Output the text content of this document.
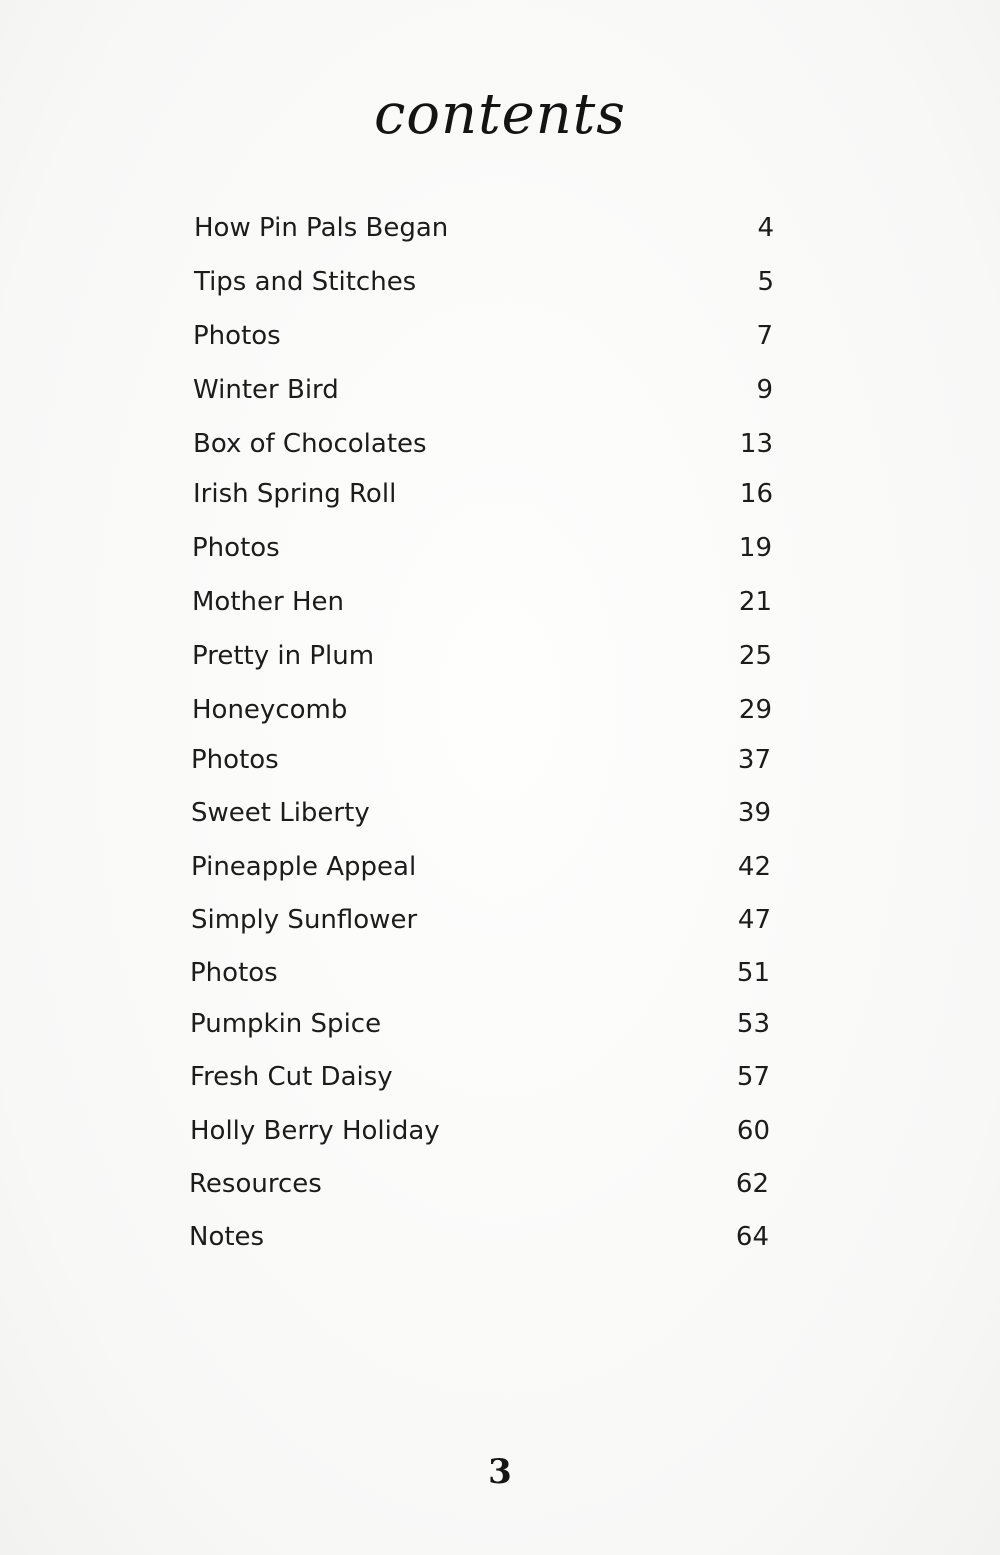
contents
How Pin Pals Began	4
Tips and Stitches	5
Photos	7
Winter Bird	9
Box of Chocolates	13
Irish Spring Roll	16
Photos	19
Mother Hen	21
Pretty in Plum	25
Honeycomb	29
Photos	37
Sweet Liberty	39
Pineapple Appeal	42
Simply Sunflower	47
Photos	51
Pumpkin Spice	53
Fresh Cut Daisy	57
Holly Berry Holiday	60
Resources	62
Notes	64
3
